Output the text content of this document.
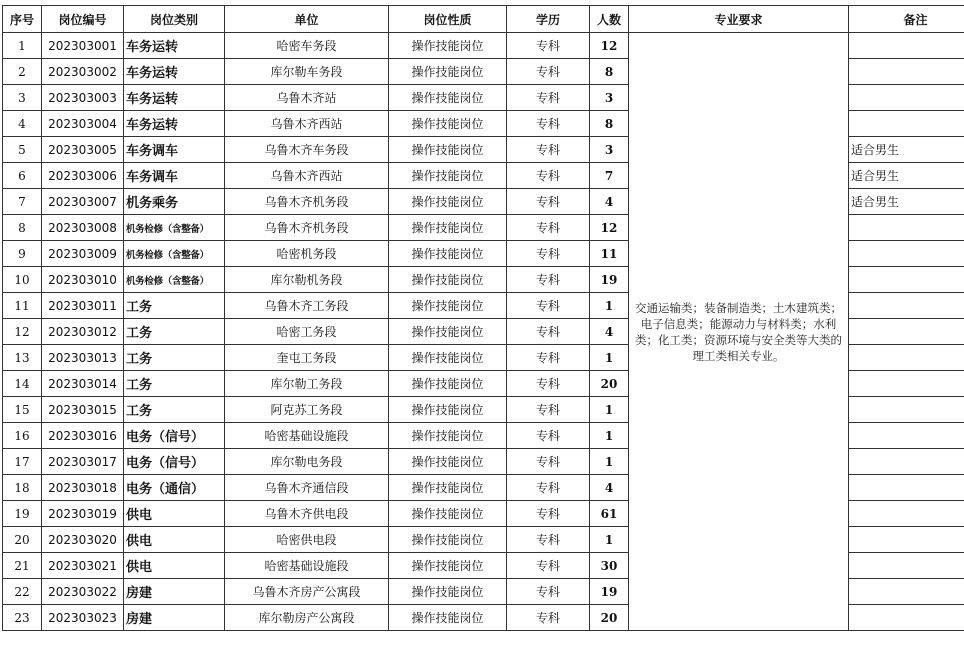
序号	岗位编号	岗位类别	单位	岗位性质	学历	人数	专业要求	备注
1	202303001	车务运转	哈密车务段	操作技能岗位	专科	12	交通运输类；装备制造类；土木建筑类；电子信息类；能源动力与材料类；水利类；化工类；资源环境与安全类等大类的理工类相关专业。	
2	202303002	车务运转	库尔勒车务段	操作技能岗位	专科	8		
3	202303003	车务运转	乌鲁木齐站	操作技能岗位	专科	3		
4	202303004	车务运转	乌鲁木齐西站	操作技能岗位	专科	8		
5	202303005	车务调车	乌鲁木齐车务段	操作技能岗位	专科	3		适合男生
6	202303006	车务调车	乌鲁木齐西站	操作技能岗位	专科	7		适合男生
7	202303007	机务乘务	乌鲁木齐机务段	操作技能岗位	专科	4		适合男生
8	202303008	机务检修（含整备）	乌鲁木齐机务段	操作技能岗位	专科	12		
9	202303009	机务检修（含整备）	哈密机务段	操作技能岗位	专科	11		
10	202303010	机务检修（含整备）	库尔勒机务段	操作技能岗位	专科	19		
11	202303011	工务	乌鲁木齐工务段	操作技能岗位	专科	1		
12	202303012	工务	哈密工务段	操作技能岗位	专科	4		
13	202303013	工务	奎屯工务段	操作技能岗位	专科	1		
14	202303014	工务	库尔勒工务段	操作技能岗位	专科	20		
15	202303015	工务	阿克苏工务段	操作技能岗位	专科	1		
16	202303016	电务（信号）	哈密基础设施段	操作技能岗位	专科	1		
17	202303017	电务（信号）	库尔勒电务段	操作技能岗位	专科	1		
18	202303018	电务（通信）	乌鲁木齐通信段	操作技能岗位	专科	4		
19	202303019	供电	乌鲁木齐供电段	操作技能岗位	专科	61		
20	202303020	供电	哈密供电段	操作技能岗位	专科	1		
21	202303021	供电	哈密基础设施段	操作技能岗位	专科	30		
22	202303022	房建	乌鲁木齐房产公寓段	操作技能岗位	专科	19		
23	202303023	房建	库尔勒房产公寓段	操作技能岗位	专科	20		
